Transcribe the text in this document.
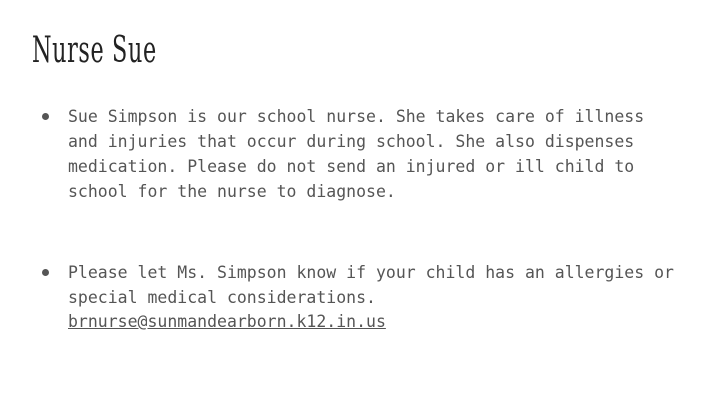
Nurse Sue
Sue Simpson is our school nurse. She takes care of illness and injuries that occur during school. She also dispenses medication. Please do not send an injured or ill child to school for the nurse to diagnose.
Please let Ms. Simpson know if your child has an allergies or special medical considerations.
brnurse@sunmandearborn.k12.in.us
